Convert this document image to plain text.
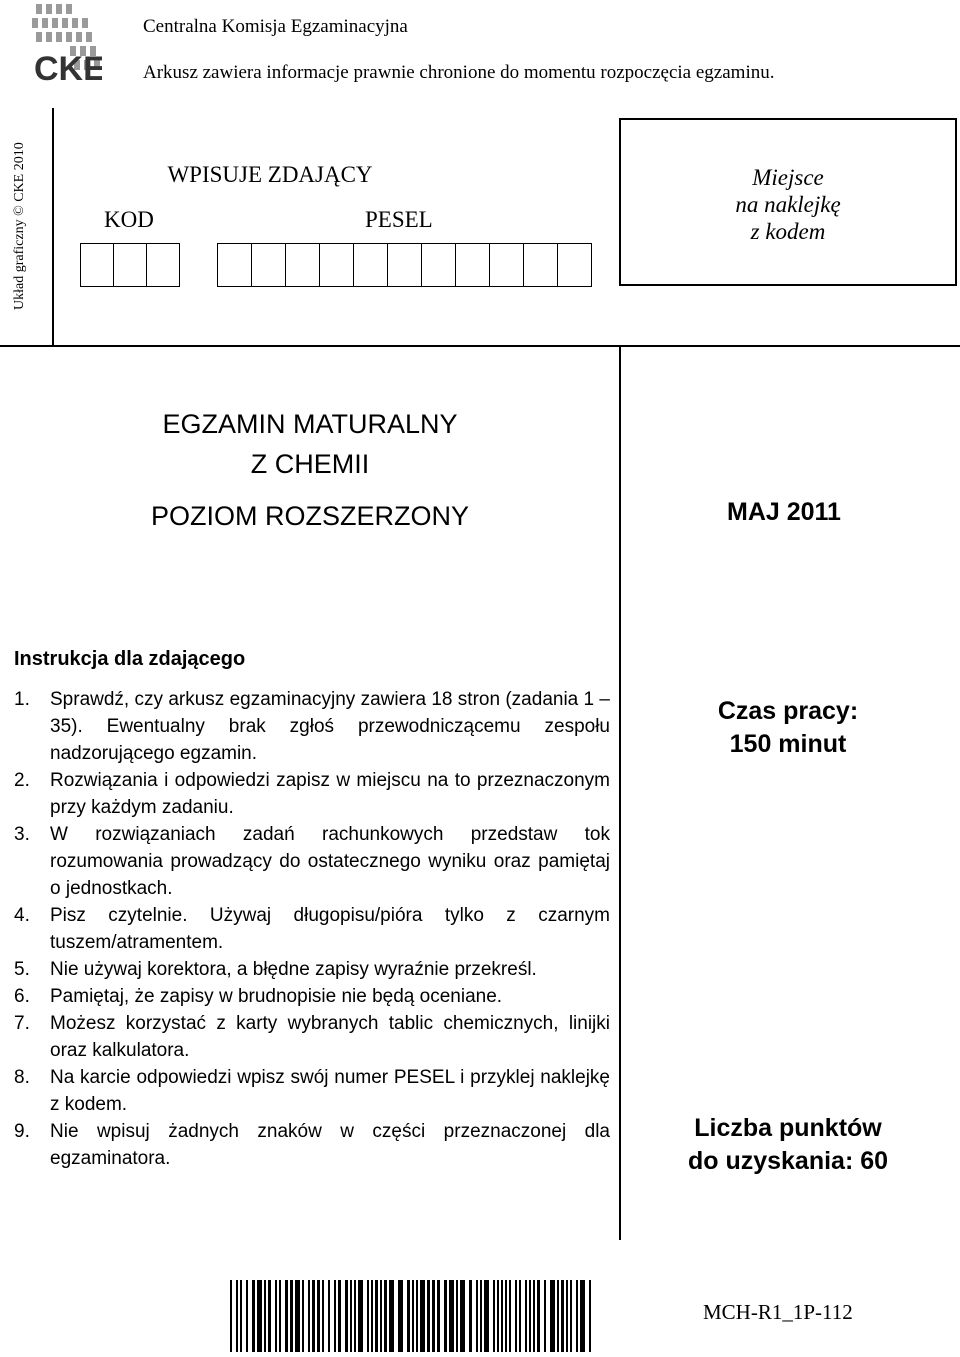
CKE
Centralna Komisja Egzaminacyjna
Arkusz zawiera informacje prawnie chronione do momentu rozpoczęcia egzaminu.
Układ graficzny © CKE 2010	WPISUJE ZDAJĄCY
KOD	PESEL
Miejsce
na naklejkę
z kodem
EGZAMIN MATURALNY
Z CHEMII
POZIOM ROZSZERZONY	MAJ 2011
Instrukcja dla zdającego
1. Sprawdź, czy arkusz egzaminacyjny zawiera 18 stron (zadania 1 – 35). Ewentualny brak zgłoś przewodniczącemu zespołu nadzorującego egzamin.
2. Rozwiązania i odpowiedzi zapisz w miejscu na to przeznaczonym przy każdym zadaniu.
3. W rozwiązaniach zadań rachunkowych przedstaw tok rozumowania prowadzący do ostatecznego wyniku oraz pamiętaj o jednostkach.
4. Pisz czytelnie. Używaj długopisu/pióra tylko z czarnym tuszem/atramentem.
5. Nie używaj korektora, a błędne zapisy wyraźnie przekreśl.
6. Pamiętaj, że zapisy w brudnopisie nie będą oceniane.
7. Możesz korzystać z karty wybranych tablic chemicznych, linijki oraz kalkulatora.
8. Na karcie odpowiedzi wpisz swój numer PESEL i przyklej naklejkę z kodem.
9. Nie wpisuj żadnych znaków w części przeznaczonej dla egzaminatora.
Czas pracy:
150 minut
Liczba punktów
do uzyskania: 60
MCH-R1_1P-112
